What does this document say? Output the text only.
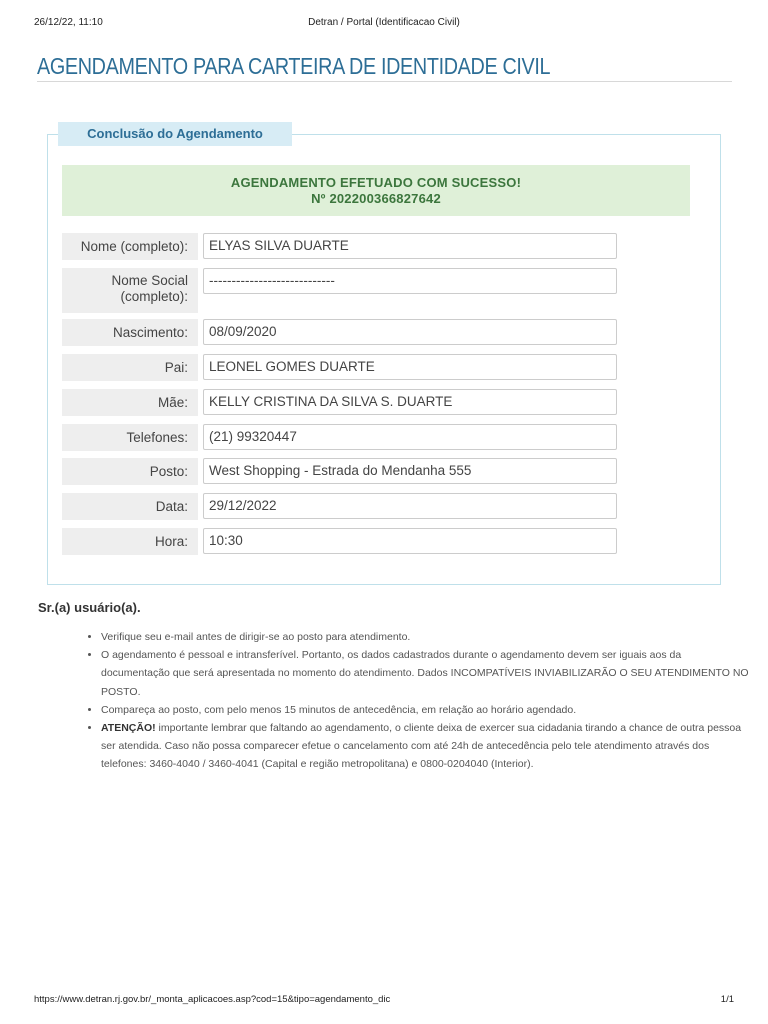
26/12/22, 11:10	Detran / Portal (Identificacao Civil)
AGENDAMENTO PARA CARTEIRA DE IDENTIDADE CIVIL
Conclusão do Agendamento
AGENDAMENTO EFETUADO COM SUCESSO!
Nº 202200366827642
Nome (completo):	ELYAS SILVA DUARTE
Nome Social (completo):
----------------------------
Nascimento:	08/09/2020
Pai:	LEONEL GOMES DUARTE
Mãe:	KELLY CRISTINA DA SILVA S. DUARTE
Telefones:	(21) 99320447
Posto:	West Shopping - Estrada do Mendanha 555
Data:	29/12/2022
Hora:	10:30
Sr.(a) usuário(a).
• Verifique seu e-mail antes de dirigir-se ao posto para atendimento.
• O agendamento é pessoal e intransferível. Portanto, os dados cadastrados durante o agendamento devem ser iguais aos da documentação que será apresentada no momento do atendimento. Dados INCOMPATÍVEIS INVIABILIZARÃO O SEU ATENDIMENTO NO POSTO.
• Compareça ao posto, com pelo menos 15 minutos de antecedência, em relação ao horário agendado.
• ATENÇÃO! importante lembrar que faltando ao agendamento, o cliente deixa de exercer sua cidadania tirando a chance de outra pessoa ser atendida. Caso não possa comparecer efetue o cancelamento com até 24h de antecedência pelo tele atendimento através dos telefones: 3460-4040 / 3460-4041 (Capital e região metropolitana) e 0800-0204040 (Interior).
https://www.detran.rj.gov.br/_monta_aplicacoes.asp?cod=15&tipo=agendamento_dic	1/1
